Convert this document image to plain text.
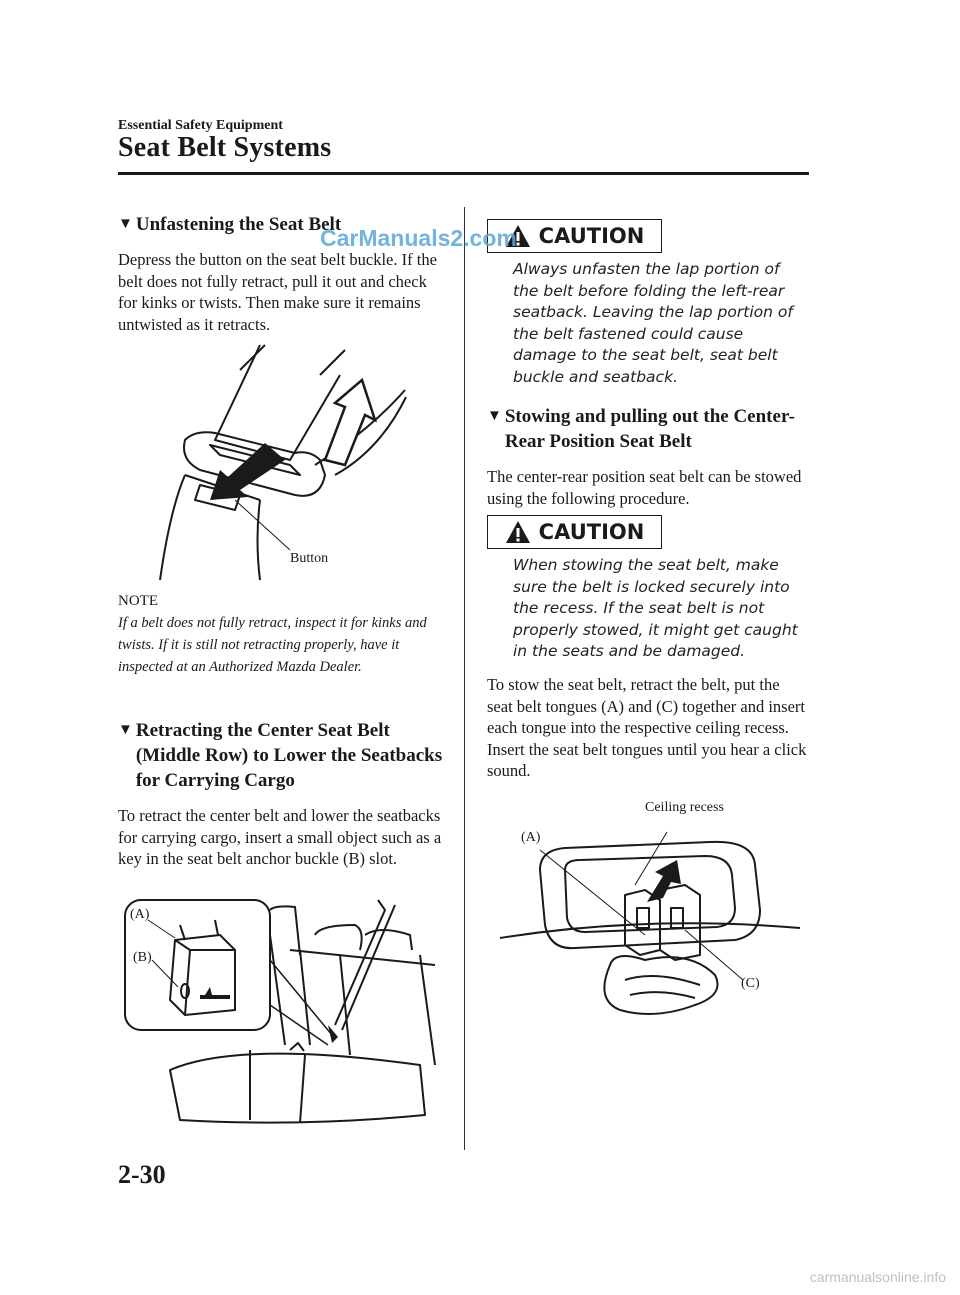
Essential Safety Equipment
Seat Belt Systems
▼ Unfastening the Seat Belt

Depress the button on the seat belt buckle. If the belt does not fully retract, pull it out and check for kinks or twists. Then make sure it remains untwisted as it retracts.

Button
NOTE

If a belt does not fully retract, inspect it for kinks and twists. If it is still not retracting properly, have it inspected at an Authorized Mazda Dealer.

▼ Retracting the Center Seat Belt (Middle Row) to Lower the Seatbacks for Carrying Cargo

To retract the center belt and lower the seatbacks for carrying cargo, insert a small object such as a key in the seat belt anchor buckle (B) slot.

(A)
(B)
CAUTION

Always unfasten the lap portion of the belt before folding the left-rear seatback. Leaving the lap portion of the belt fastened could cause damage to the seat belt, seat belt buckle and seatback.

▼ Stowing and pulling out the Center-Rear Position Seat Belt

The center-rear position seat belt can be stowed using the following procedure.

CAUTION

When stowing the seat belt, make sure the belt is locked securely into the recess. If the seat belt is not properly stowed, it might get caught in the seats and be damaged.

To stow the seat belt, retract the belt, put the seat belt tongues (A) and (C) together and insert each tongue into the respective ceiling recess. Insert the seat belt tongues until you hear a click sound.

Ceiling recess
(A)
(C)
2-30
CarManuals2.com
carmanualsonline.info
